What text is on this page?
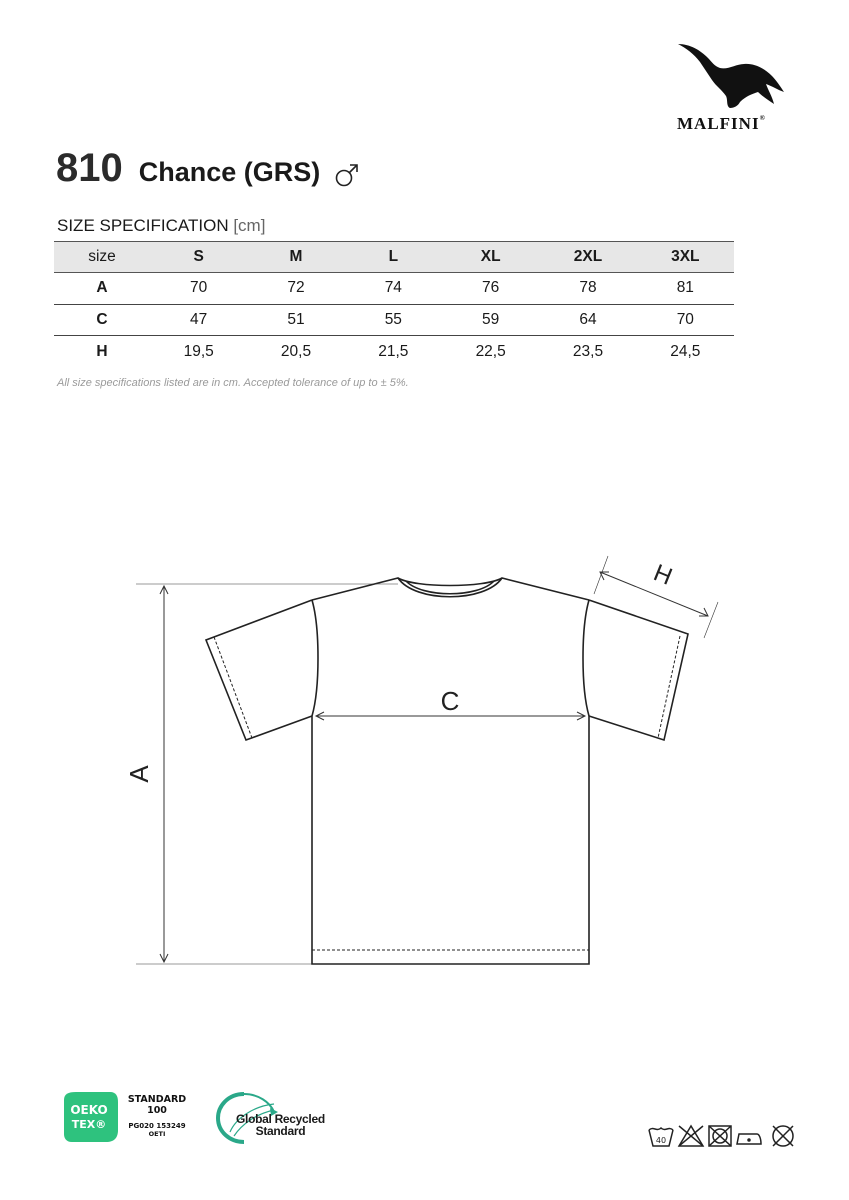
MALFINI®
810 Chance (GRS)
SIZE SPECIFICATION [cm]
size	S	M	L	XL	2XL	3XL
A	70	72	74	76	78	81
C	47	51	55	59	64	70
H	19,5	20,5	21,5	22,5	23,5	24,5
All size specifications listed are in cm. Accepted tolerance of up to ± 5%.
A
C
H
OEKO
TEX®
STANDARD
100
PG020 153249
OETI
Global Recycled
Standard
40
